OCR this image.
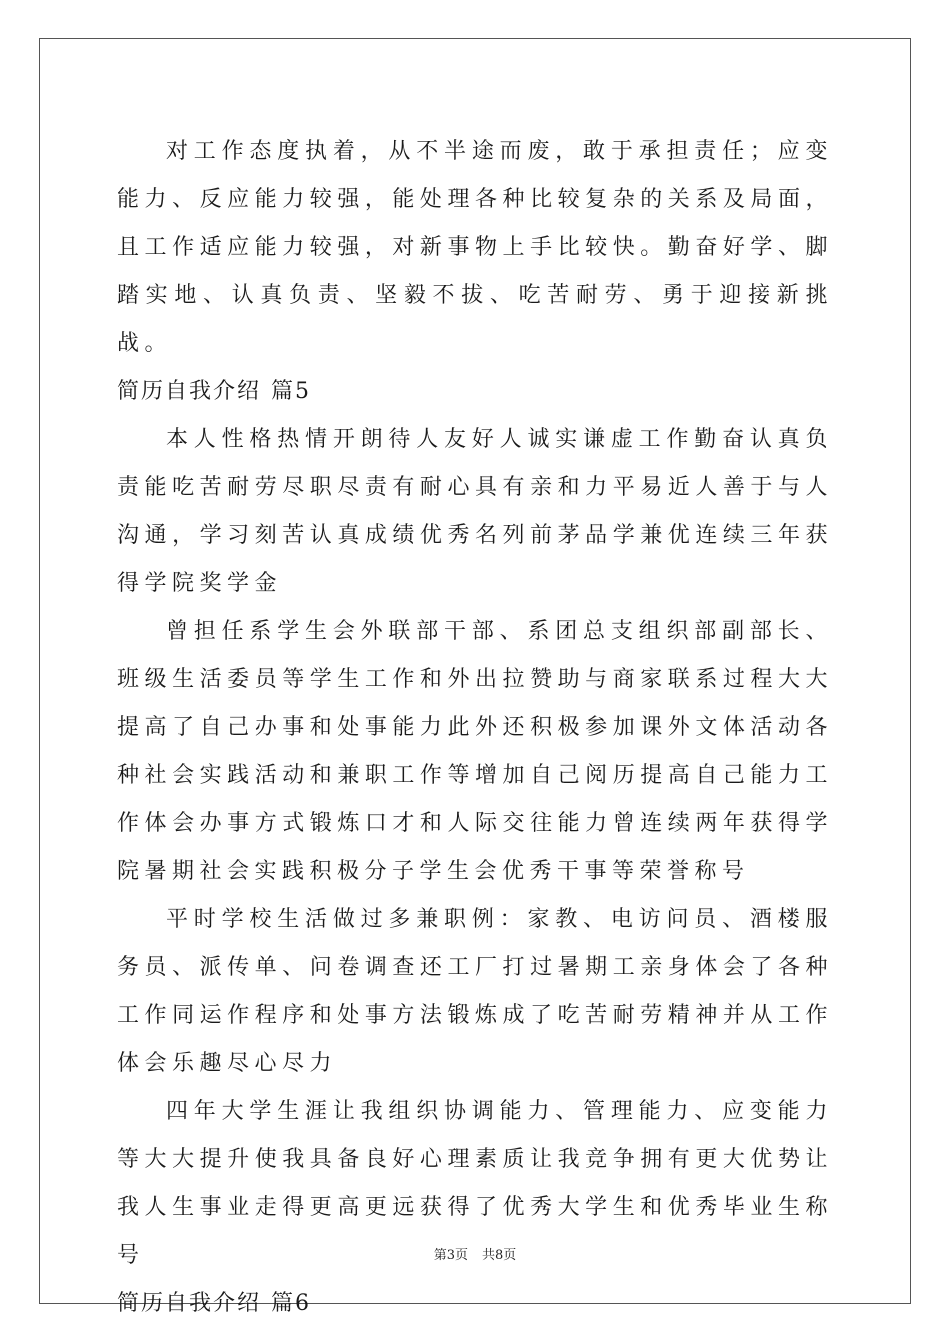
对工作态度执着，从不半途而废，敢于承担责任；应变能力、反应能力较强，能处理各种比较复杂的关系及局面，且工作适应能力较强，对新事物上手比较快。勤奋好学、脚踏实地、认真负责、坚毅不拔、吃苦耐劳、勇于迎接新挑战。

简历自我介绍 篇5

本人性格热情开朗待人友好人诚实谦虚工作勤奋认真负责能吃苦耐劳尽职尽责有耐心具有亲和力平易近人善于与人沟通，学习刻苦认真成绩优秀名列前茅品学兼优连续三年获得学院奖学金

曾担任系学生会外联部干部、系团总支组织部副部长、班级生活委员等学生工作和外出拉赞助与商家联系过程大大提高了自己办事和处事能力此外还积极参加课外文体活动各种社会实践活动和兼职工作等增加自己阅历提高自己能力工作体会办事方式锻炼口才和人际交往能力曾连续两年获得学院暑期社会实践积极分子学生会优秀干事等荣誉称号

平时学校生活做过多兼职例：家教、电访问员、酒楼服务员、派传单、问卷调查还工厂打过暑期工亲身体会了各种工作同运作程序和处事方法锻炼成了吃苦耐劳精神并从工作体会乐趣尽心尽力

四年大学生涯让我组织协调能力、管理能力、应变能力等大大提升使我具备良好心理素质让我竞争拥有更大优势让我人生事业走得更高更远获得了优秀大学生和优秀毕业生称号

简历自我介绍 篇6

第3页 共8页
